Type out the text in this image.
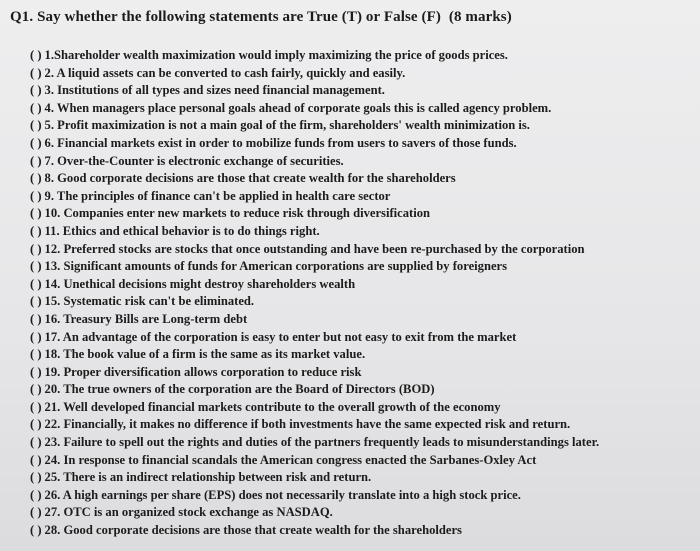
Q1. Say whether the following statements are True (T) or False (F) (8 marks)
( ) 1.Shareholder wealth maximization would imply maximizing the price of goods prices.
( ) 2. A liquid assets can be converted to cash fairly, quickly and easily.
( ) 3. Institutions of all types and sizes need financial management.
( ) 4. When managers place personal goals ahead of corporate goals this is called agency problem.
( ) 5. Profit maximization is not a main goal of the firm, shareholders' wealth minimization is.
( ) 6. Financial markets exist in order to mobilize funds from users to savers of those funds.
( ) 7. Over-the-Counter is electronic exchange of securities.
( ) 8. Good corporate decisions are those that create wealth for the shareholders
( ) 9. The principles of finance can't be applied in health care sector
( ) 10. Companies enter new markets to reduce risk through diversification
( ) 11. Ethics and ethical behavior is to do things right.
( ) 12. Preferred stocks are stocks that once outstanding and have been re-purchased by the corporation
( ) 13. Significant amounts of funds for American corporations are supplied by foreigners
( ) 14. Unethical decisions might destroy shareholders wealth
( ) 15. Systematic risk can't be eliminated.
( ) 16. Treasury Bills are Long-term debt
( ) 17. An advantage of the corporation is easy to enter but not easy to exit from the market
( ) 18. The book value of a firm is the same as its market value.
( ) 19. Proper diversification allows corporation to reduce risk
( ) 20. The true owners of the corporation are the Board of Directors (BOD)
( ) 21. Well developed financial markets contribute to the overall growth of the economy
( ) 22. Financially, it makes no difference if both investments have the same expected risk and return.
( ) 23. Failure to spell out the rights and duties of the partners frequently leads to misunderstandings later.
( ) 24. In response to financial scandals the American congress enacted the Sarbanes-Oxley Act
( ) 25. There is an indirect relationship between risk and return.
( ) 26. A high earnings per share (EPS) does not necessarily translate into a high stock price.
( ) 27. OTC is an organized stock exchange as NASDAQ.
( ) 28. Good corporate decisions are those that create wealth for the shareholders
